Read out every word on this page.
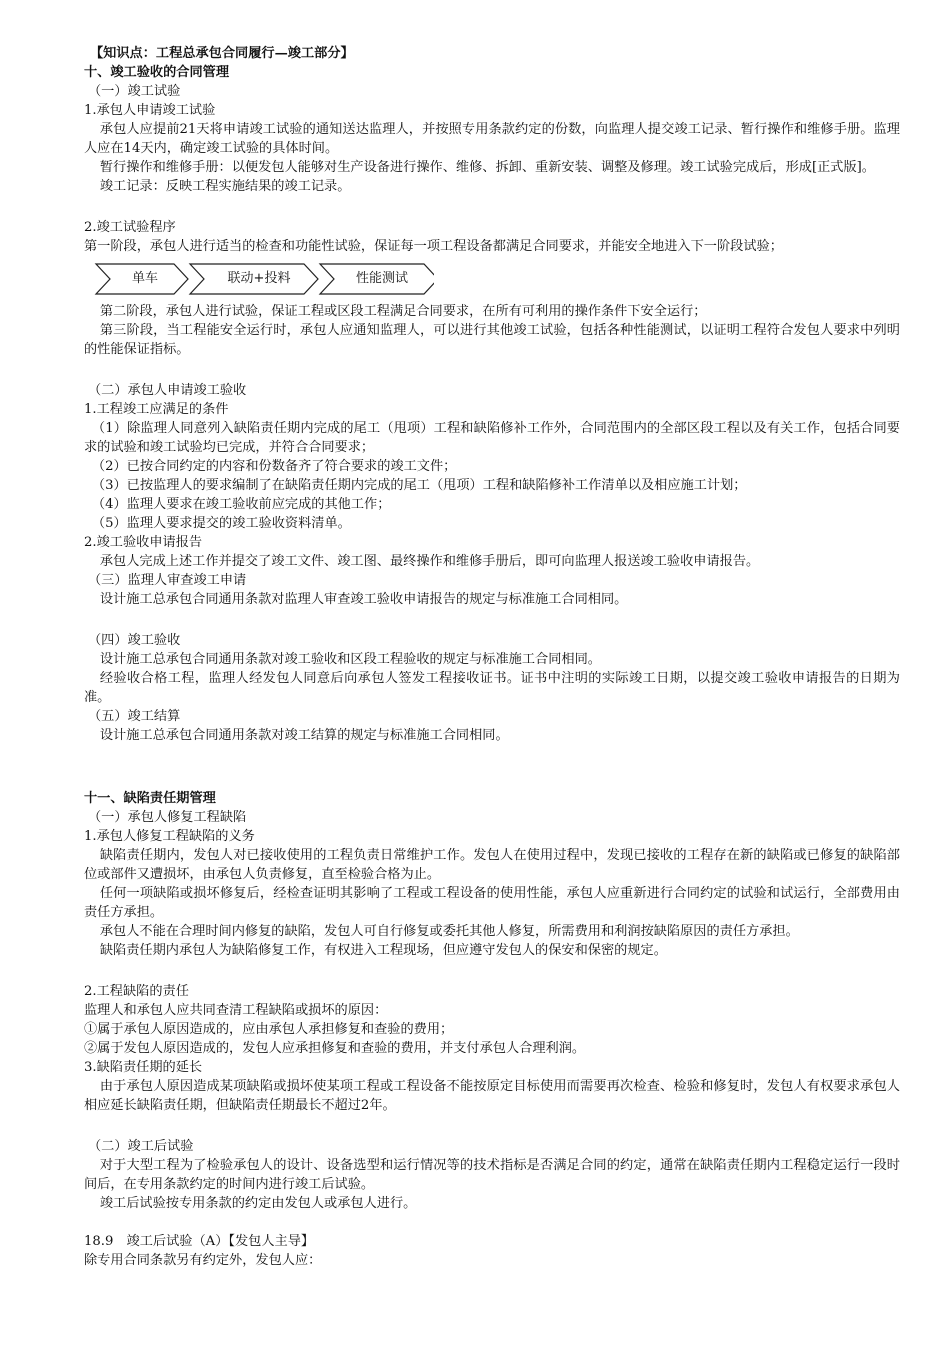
【知识点：工程总承包合同履行—竣工部分】

十、竣工验收的合同管理

（一）竣工试验

1.承包人申请竣工试验

承包人应提前21天将申请竣工试验的通知送达监理人，并按照专用条款约定的份数，向监理人提交竣工记录、暂行操作和维修手册。监理人应在14天内，确定竣工试验的具体时间。

暂行操作和维修手册：以便发包人能够对生产设备进行操作、维修、拆卸、重新安装、调整及修理。竣工试验完成后，形成[正式版]。

竣工记录：反映工程实施结果的竣工记录。

2.竣工试验程序

第一阶段，承包人进行适当的检查和功能性试验，保证每一项工程设备都满足合同要求，并能安全地进入下一阶段试验；

单车	联动+投料	性能测试

第二阶段，承包人进行试验，保证工程或区段工程满足合同要求，在所有可利用的操作条件下安全运行；

第三阶段，当工程能安全运行时，承包人应通知监理人，可以进行其他竣工试验，包括各种性能测试，以证明工程符合发包人要求中列明的性能保证指标。

（二）承包人申请竣工验收

1.工程竣工应满足的条件

（1）除监理人同意列入缺陷责任期内完成的尾工（甩项）工程和缺陷修补工作外，合同范围内的全部区段工程以及有关工作，包括合同要求的试验和竣工试验均已完成，并符合合同要求；

（2）已按合同约定的内容和份数备齐了符合要求的竣工文件；

（3）已按监理人的要求编制了在缺陷责任期内完成的尾工（甩项）工程和缺陷修补工作清单以及相应施工计划；

（4）监理人要求在竣工验收前应完成的其他工作；

（5）监理人要求提交的竣工验收资料清单。

2.竣工验收申请报告

承包人完成上述工作并提交了竣工文件、竣工图、最终操作和维修手册后，即可向监理人报送竣工验收申请报告。

（三）监理人审查竣工申请

设计施工总承包合同通用条款对监理人审查竣工验收申请报告的规定与标准施工合同相同。

（四）竣工验收

设计施工总承包合同通用条款对竣工验收和区段工程验收的规定与标准施工合同相同。

经验收合格工程，监理人经发包人同意后向承包人签发工程接收证书。证书中注明的实际竣工日期，以提交竣工验收申请报告的日期为准。

（五）竣工结算

设计施工总承包合同通用条款对竣工结算的规定与标准施工合同相同。

十一、缺陷责任期管理

（一）承包人修复工程缺陷

1.承包人修复工程缺陷的义务

缺陷责任期内，发包人对已接收使用的工程负责日常维护工作。发包人在使用过程中，发现已接收的工程存在新的缺陷或已修复的缺陷部位或部件又遭损坏，由承包人负责修复，直至检验合格为止。

任何一项缺陷或损坏修复后，经检查证明其影响了工程或工程设备的使用性能，承包人应重新进行合同约定的试验和试运行，全部费用由责任方承担。

承包人不能在合理时间内修复的缺陷，发包人可自行修复或委托其他人修复，所需费用和利润按缺陷原因的责任方承担。

缺陷责任期内承包人为缺陷修复工作，有权进入工程现场，但应遵守发包人的保安和保密的规定。

2.工程缺陷的责任

监理人和承包人应共同查清工程缺陷或损坏的原因：

①属于承包人原因造成的，应由承包人承担修复和查验的费用；

②属于发包人原因造成的，发包人应承担修复和查验的费用，并支付承包人合理利润。

3.缺陷责任期的延长

由于承包人原因造成某项缺陷或损坏使某项工程或工程设备不能按原定目标使用而需要再次检查、检验和修复时，发包人有权要求承包人相应延长缺陷责任期，但缺陷责任期最长不超过2年。

（二）竣工后试验

对于大型工程为了检验承包人的设计、设备选型和运行情况等的技术指标是否满足合同的约定，通常在缺陷责任期内工程稳定运行一段时间后，在专用条款约定的时间内进行竣工后试验。

竣工后试验按专用条款的约定由发包人或承包人进行。

18.9　竣工后试验（A）【发包人主导】

除专用合同条款另有约定外，发包人应：
